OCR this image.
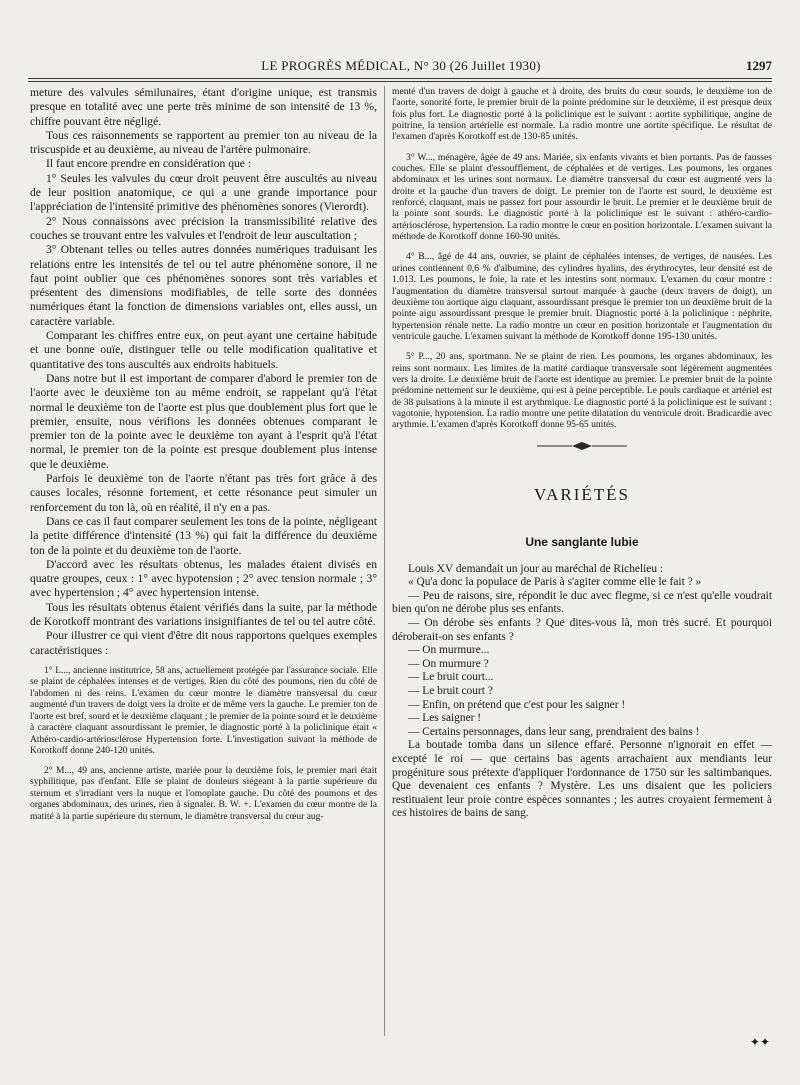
LE PROGRÈS MÉDICAL, N° 30 (26 Juillet 1930)	1297

meture des valvules sémilunaires, étant d'origine unique, est transmis presque en totalité avec une perte très minime de son intensité de 13 %, chiffre pouvant être négligé.

Tous ces raisonnements se rapportent au premier ton au niveau de la triscuspide et au deuxième, au niveau de l'artère pulmonaire.

Il faut encore prendre en considération que :

1° Seules les valvules du cœur droit peuvent être auscultés au niveau de leur position anatomique, ce qui a une grande importance pour l'appréciation de l'intensité primitive des phénomènes sonores (Vierordt).

2° Nous connaissons avec précision la transmissibilité relative des couches se trouvant entre les valvules et l'endroit de leur auscultation ;

3° Obtenant telles ou telles autres données numériques traduisant les relations entre les intensités de tel ou tel autre phénomène sonore, il ne faut point oublier que ces phénomènes sonores sont très variables et présentent des dimensions modifiables, de telle sorte des données numériques étant la fonction de dimensions variables ont, elles aussi, un caractère variable.

Comparant les chiffres entre eux, on peut ayant une certaine habitude et une bonne ouïe, distinguer telle ou telle modification qualitative et quantitative des tons auscultés aux endroits habituels.

Dans notre but il est important de comparer d'abord le premier ton de l'aorte avec le deuxième ton au même endroit, se rappelant qu'à l'état normal le deuxième ton de l'aorte est plus que doublement plus fort que le premier, ensuite, nous vérifions les données obtenues comparant le premier ton de la pointe avec le deuxième ton ayant à l'esprit qu'à l'état normal, le premier ton de la pointe est presque doublement plus intense que le deuxième.

Parfois le deuxième ton de l'aorte n'étant pas très fort grâce à des causes locales, résonne fortement, et cette résonance peut simuler un renforcement du ton là, où en réalité, il n'y en a pas.

Dans ce cas il faut comparer seulement les tons de la pointe, négligeant la petite différence d'intensité (13 %) qui fait la différence du deuxième ton de la pointe et du deuxième ton de l'aorte.

D'accord avec les résultats obtenus, les malades étaient divisés en quatre groupes, ceux : 1° avec hypotension ; 2° avec tension normale ; 3° avec hypertension ; 4° avec hypertension intense.

Tous les résultats obtenus étaient vérifiés dans la suite, par la méthode de Korotkoff montrant des variations insignifiantes de tel ou tel autre côté.

Pour illustrer ce qui vient d'être dit nous rapportons quelques exemples caractéristiques :

1° L..., ancienne institutrice, 58 ans, actuellement protégée par l'assurance sociale. Elle se plaint de céphalées intenses et de vertiges. Rien du côté des poumons, rien du côté de l'abdomen ni des reins. L'examen du cœur montre le diamètre transversal du cœur augmenté d'un travers de doigt vers la droite et de même vers la gauche. Le premier ton de l'aorte est bref, sourd et le deuxième claquant ; le premier de la pointe sourd et le deuxième à caractère claquant assourdissant le premier, le diagnostic porté à la policlinique était « Athéro-cardio-artériosclérose Hypertension forte. L'investigation suivant la méthode de Korotkoff donne 240-120 unités.

2° M..., 49 ans, ancienne artiste, mariée pour la deuxième fois, le premier mari était syphilitique, pas d'enfant. Elle se plaint de douleurs siégeant à la partie supérieure du sternum et s'irradiant vers la nuque et l'omoplate gauche. Du côté des poumons et des organes abdominaux, des urines, rien à signaler. B. W. +. L'examen du cœur montre de la matité à la partie supérieure du sternum, le diamètre transversal du cœur aug-

menté d'un travers de doigt à gauche et à droite, des bruits du cœur sourds, le deuxième ton de l'aorte, sonorité forte, le premier bruit de la pointe prédomine sur le deuxième, il est presque deux fois plus fort. Le diagnostic porté à la policlinique est le suivant : aortite syphilitique, angine de poitrine, la tension artérielle est normale. La radio montre une aortite spécifique. Le résultat de l'examen d'après Korotkoff est de 130-85 unités.

3° W..., ménagère, âgée de 49 ans. Mariée, six enfants vivants et bien portants. Pas de fausses couches. Elle se plaint d'essoufflement, de céphalées et de vertiges. Les poumons, les organes abdominaux et les urines sont normaux. Le diamètre transversal du cœur est augmenté vers la droite et la gauche d'un travers de doigt. Le premier ton de l'aorte est sourd, le deuxième est renforcé, claquant, mais ne passez fort pour assourdir le bruit. Le premier et le deuxième bruit de la pointe sont sourds. Le diagnostic porté à la policlinique est le suivant : athéro-cardio-artériosclérose, hypertension. La radio montre le cœur en position horizontale. L'examen suivant la méthode de Korotkoff donne 160-90 unités.

4° B..., âgé de 44 ans, ouvrier, se plaint de céphalées intenses, de vertiges, de nausées. Les urines contiennent 0,6 % d'albumine, des cylindres hyalins, des érythrocytes, leur densité est de 1.013. Les poumons, le foie, la rate et les intestins sont normaux. L'examen du cœur montre : l'augmentation du diamètre transversal surtout marquée à gauche (deux travers de doigt), un deuxième ton aortique aigu claquant, assourdissant presque le premier ton un deuxième bruit de la pointe aigu assourdissant presque le premier bruit. Diagnostic porté à la policlinique : néphrite, hypertension rénale nette. La radio montre un cœur en position horizontale et l'augmentation du ventricule gauche. L'examen suivant la méthode de Korotkoff donne 195-130 unités.

5° P..., 20 ans, sportmann. Ne se plaint de rien. Les poumons, les organes abdominaux, les reins sont normaux. Les limites de la matité cardiaque transversale sont légèrement augmentées vers la droite. Le deuxième bruit de l'aorte est identique au premier. Le premier bruit de la pointe prédomine nettement sur le deuxième, qui est à peine perceptible. Le pouls cardiaque et artériel est de 38 pulsations à la minute il est arythmique. Le diagnostic porté à la policlinique est le suivant : vagotonie, hypotension. La radio montre une petite dilatation du ventricule droit. Bradicardie avec arythmie. L'examen d'après Korotkoff donne 95-65 unités.

VARIÉTÉS
Une sanglante lubie

Louis XV demandait un jour au maréchal de Richelieu :

« Qu'a donc la populace de Paris à s'agiter comme elle le fait ? »

— Peu de raisons, sire, répondit le duc avec flegme, si ce n'est qu'elle voudrait bien qu'on ne dérobe plus ses enfants.

— On dérobe ses enfants ? Que dites-vous là, mon très sucré. Et pourquoi déroberait-on ses enfants ?

— On murmure...

— On murmure ?

— Le bruit court...

— Le bruit court ?

— Enfin, on prétend que c'est pour les saigner !

— Les saigner !

— Certains personnages, dans leur sang, prendraient des bains !

La boutade tomba dans un silence effaré. Personne n'ignorait en effet — excepté le roi — que certains bas agents arrachaient aux mendiants leur progéniture sous prétexte d'appliquer l'ordonnance de 1750 sur les saltimbanques. Que devenaient ces enfants ? Mystère. Les uns disaient que les policiers restituaient leur proie contre espèces sonnantes ; les autres croyaient fermement à ces histoires de bains de sang.

✦✦
